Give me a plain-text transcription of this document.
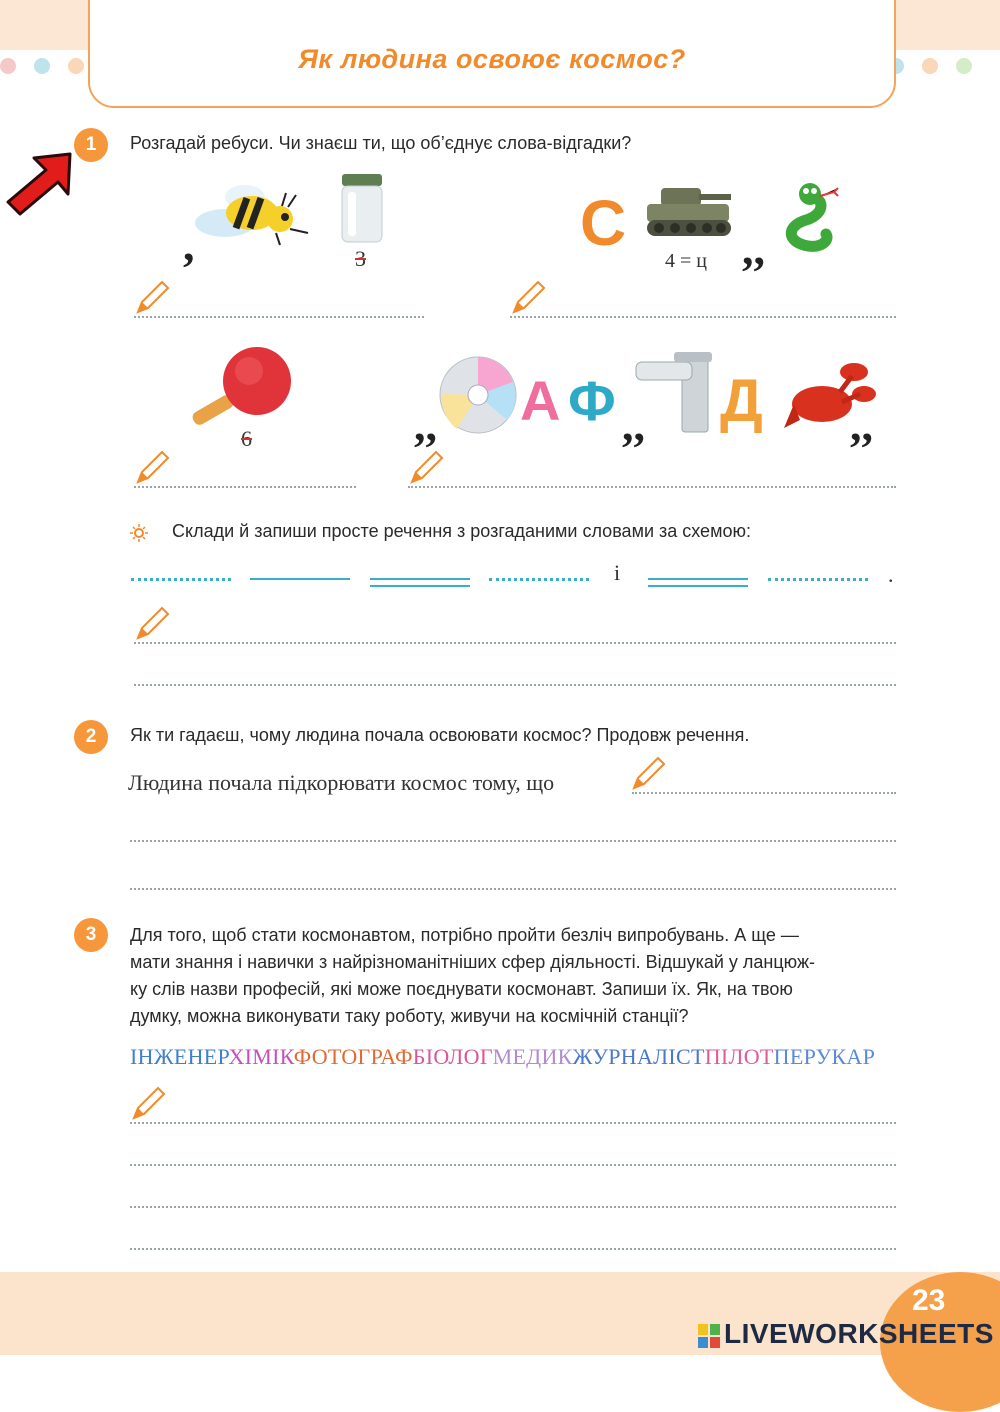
Як людина освоює космос?
1	Розгадай ребуси. Чи знаєш ти, що об’єднує слова-відгадки?
,	3	С
4 = ц ,,
6	,, А Ф ,, Д ,,
Склади й запиши просте речення з розгаданими словами за схемою:
і	.
2	Як ти гадаєш, чому людина почала освоювати космос? Продовж речення.
Людина почала підкорювати космос тому, що
3	Для того, щоб стати космонавтом, потрібно пройти безліч випробувань. А ще —
мати знання і навички з найрізноманітніших сфер діяльності. Відшукай у ланцюж-
ку слів назви професій, які може поєднувати космонавт. Запиши їх. Як, на твою
думку, можна виконувати таку роботу, живучи на космічній станції?
ІНЖЕНЕРХІМІКФОТОГРАФБІОЛОГМЕДИКЖУРНАЛІСТПІЛОТПЕРУКАР
23
LIVEWORKSHEETS
